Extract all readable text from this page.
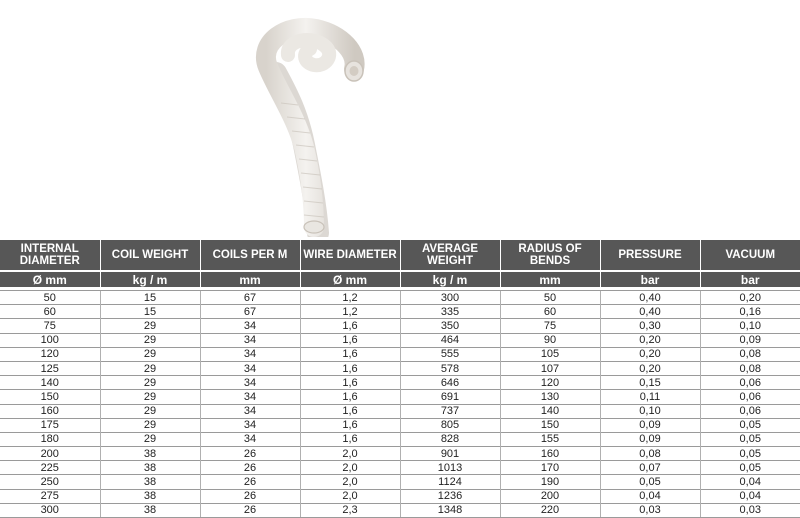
INTERNAL DIAMETER	COIL WEIGHT	COILS PER M	WIRE DIAMETER	AVERAGE WEIGHT	RADIUS OF BENDS	PRESSURE	VACUUM

Ø mm	kg / m	mm	Ø mm	kg / m	mm	bar	bar

50	15	67	1,2	300	50	0,40	0,20
60	15	67	1,2	335	60	0,40	0,16
75	29	34	1,6	350	75	0,30	0,10
100	29	34	1,6	464	90	0,20	0,09
120	29	34	1,6	555	105	0,20	0,08
125	29	34	1,6	578	107	0,20	0,08
140	29	34	1,6	646	120	0,15	0,06
150	29	34	1,6	691	130	0,11	0,06
160	29	34	1,6	737	140	0,10	0,06
175	29	34	1,6	805	150	0,09	0,05
180	29	34	1,6	828	155	0,09	0,05
200	38	26	2,0	901	160	0,08	0,05
225	38	26	2,0	1013	170	0,07	0,05
250	38	26	2,0	1124	190	0,05	0,04
275	38	26	2,0	1236	200	0,04	0,04
300	38	26	2,3	1348	220	0,03	0,03
